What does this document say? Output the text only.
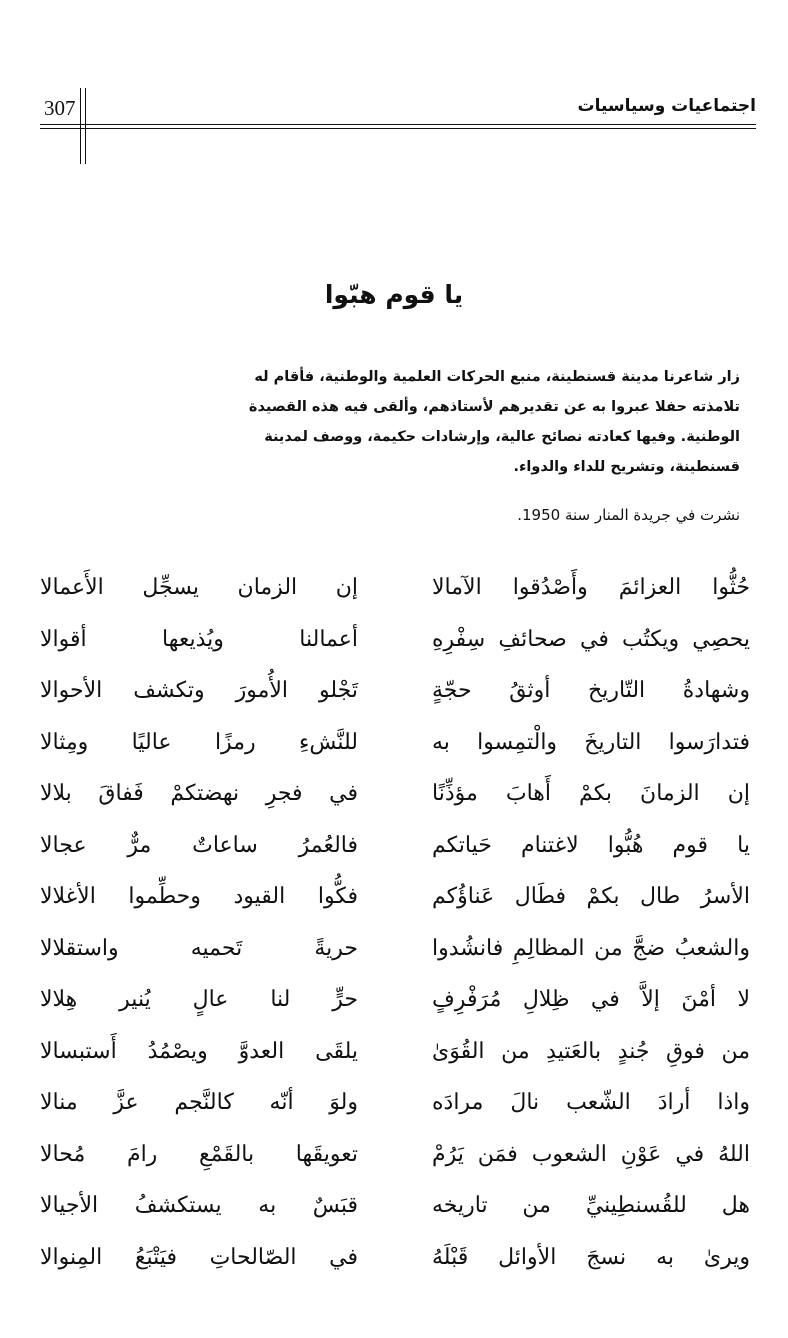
307	اجتماعيات وسياسيات
يا قوم هبّوا

زار شاعرنا مدينة قسنطينة، منبع الحركات العلمية والوطنية، فأقام له

تلامذته حفلا عبروا به عن تقديرهم لأستاذهم، وألقى فيه هذه القصيدة

الوطنية. وفيها كعادته نصائح عالية، وإرشادات حكيمة، ووصف لمدينة

قسنطينة، وتشريح للداء والدواء.

نشرت في جريدة المنار سنة 1950.
حُثُّوا العزائمَ وأَصْدُقوا الآمالا
إن الزمان يسجِّل الأَعمالا
يحصِي ويكتُب في صحائفِ سِفْرِهِ
أعمالنا ويُذيعها أقوالا
وشهادةُ التّاريخ أوثقُ حجّةٍ
تَجْلو الأُمورَ وتكشف الأحوالا
فتدارَسوا التاريخَ والْتمِسوا به
للنَّشءِ رمزًا عاليًا ومِثالا
إن الزمانَ بكمْ أَهابَ مؤذِّنًا
في فجرِ نهضتكمْ فَفاقَ بلالا
يا قوم هُبُّوا لاغتنام حَياتكم
فالعُمرُ ساعاتٌ مرٌّ عجالا
الأسرُ طال بكمْ فطَال عَناؤُكم
فكُّوا القيود وحطِّموا الأغلالا
والشعبُ ضجَّ من المظالِمِ فانشُدوا
حريةً تَحميه واستقلالا
لا أمْنَ إلاَّ في ظِلالِ مُرَفْرِفٍ
حرٍّ لنا عالٍ يُنير هِلالا
من فوقِ جُندٍ بالعَتيدِ من القُوَىٰ
يلقَى العدوَّ ويصْمُدُ أَستبسالا
واذا أرادَ الشّعب نالَ مرادَه
ولوَ أنّه كالنَّجم عزَّ منالا
اللهُ في عَوْنِ الشعوب فمَن يَرُمْ
تعويقَها بالقَمْعِ رامَ مُحالا
هل للقُسنطِينيِّ من تاريخه
قبَسٌ به يستكشفُ الأجيالا
ويرىٰ به نسجَ الأوائل قَبْلَهُ
في الصّالحاتِ فيَتْبَعُ المِنوالا
